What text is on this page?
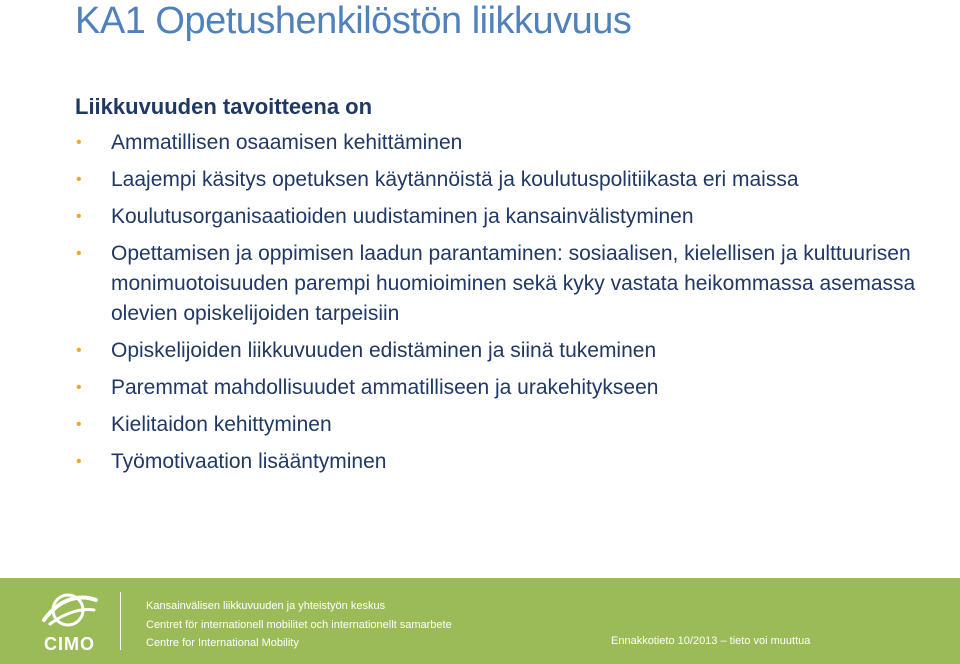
KA1 Opetushenkilöstön liikkuvuus
Liikkuvuuden tavoitteena on
• Ammatillisen osaamisen kehittäminen
• Laajempi käsitys opetuksen käytännöistä ja koulutuspolitiikasta eri maissa
• Koulutusorganisaatioiden uudistaminen ja kansainvälistyminen
• Opettamisen ja oppimisen laadun parantaminen: sosiaalisen, kielellisen ja kulttuurisen monimuotoisuuden parempi huomioiminen sekä kyky vastata heikommassa asemassa olevien opiskelijoiden tarpeisiin
• Opiskelijoiden liikkuvuuden edistäminen ja siinä tukeminen
• Paremmat mahdollisuudet ammatilliseen ja urakehitykseen
• Kielitaidon kehittyminen
• Työmotivaation lisääntyminen
CIMO
Kansainvälisen liikkuvuuden ja yhteistyön keskus
Centret för internationell mobilitet och internationellt samarbete
Centre for International Mobility	Ennakkotieto 10/2013 – tieto voi muuttua
